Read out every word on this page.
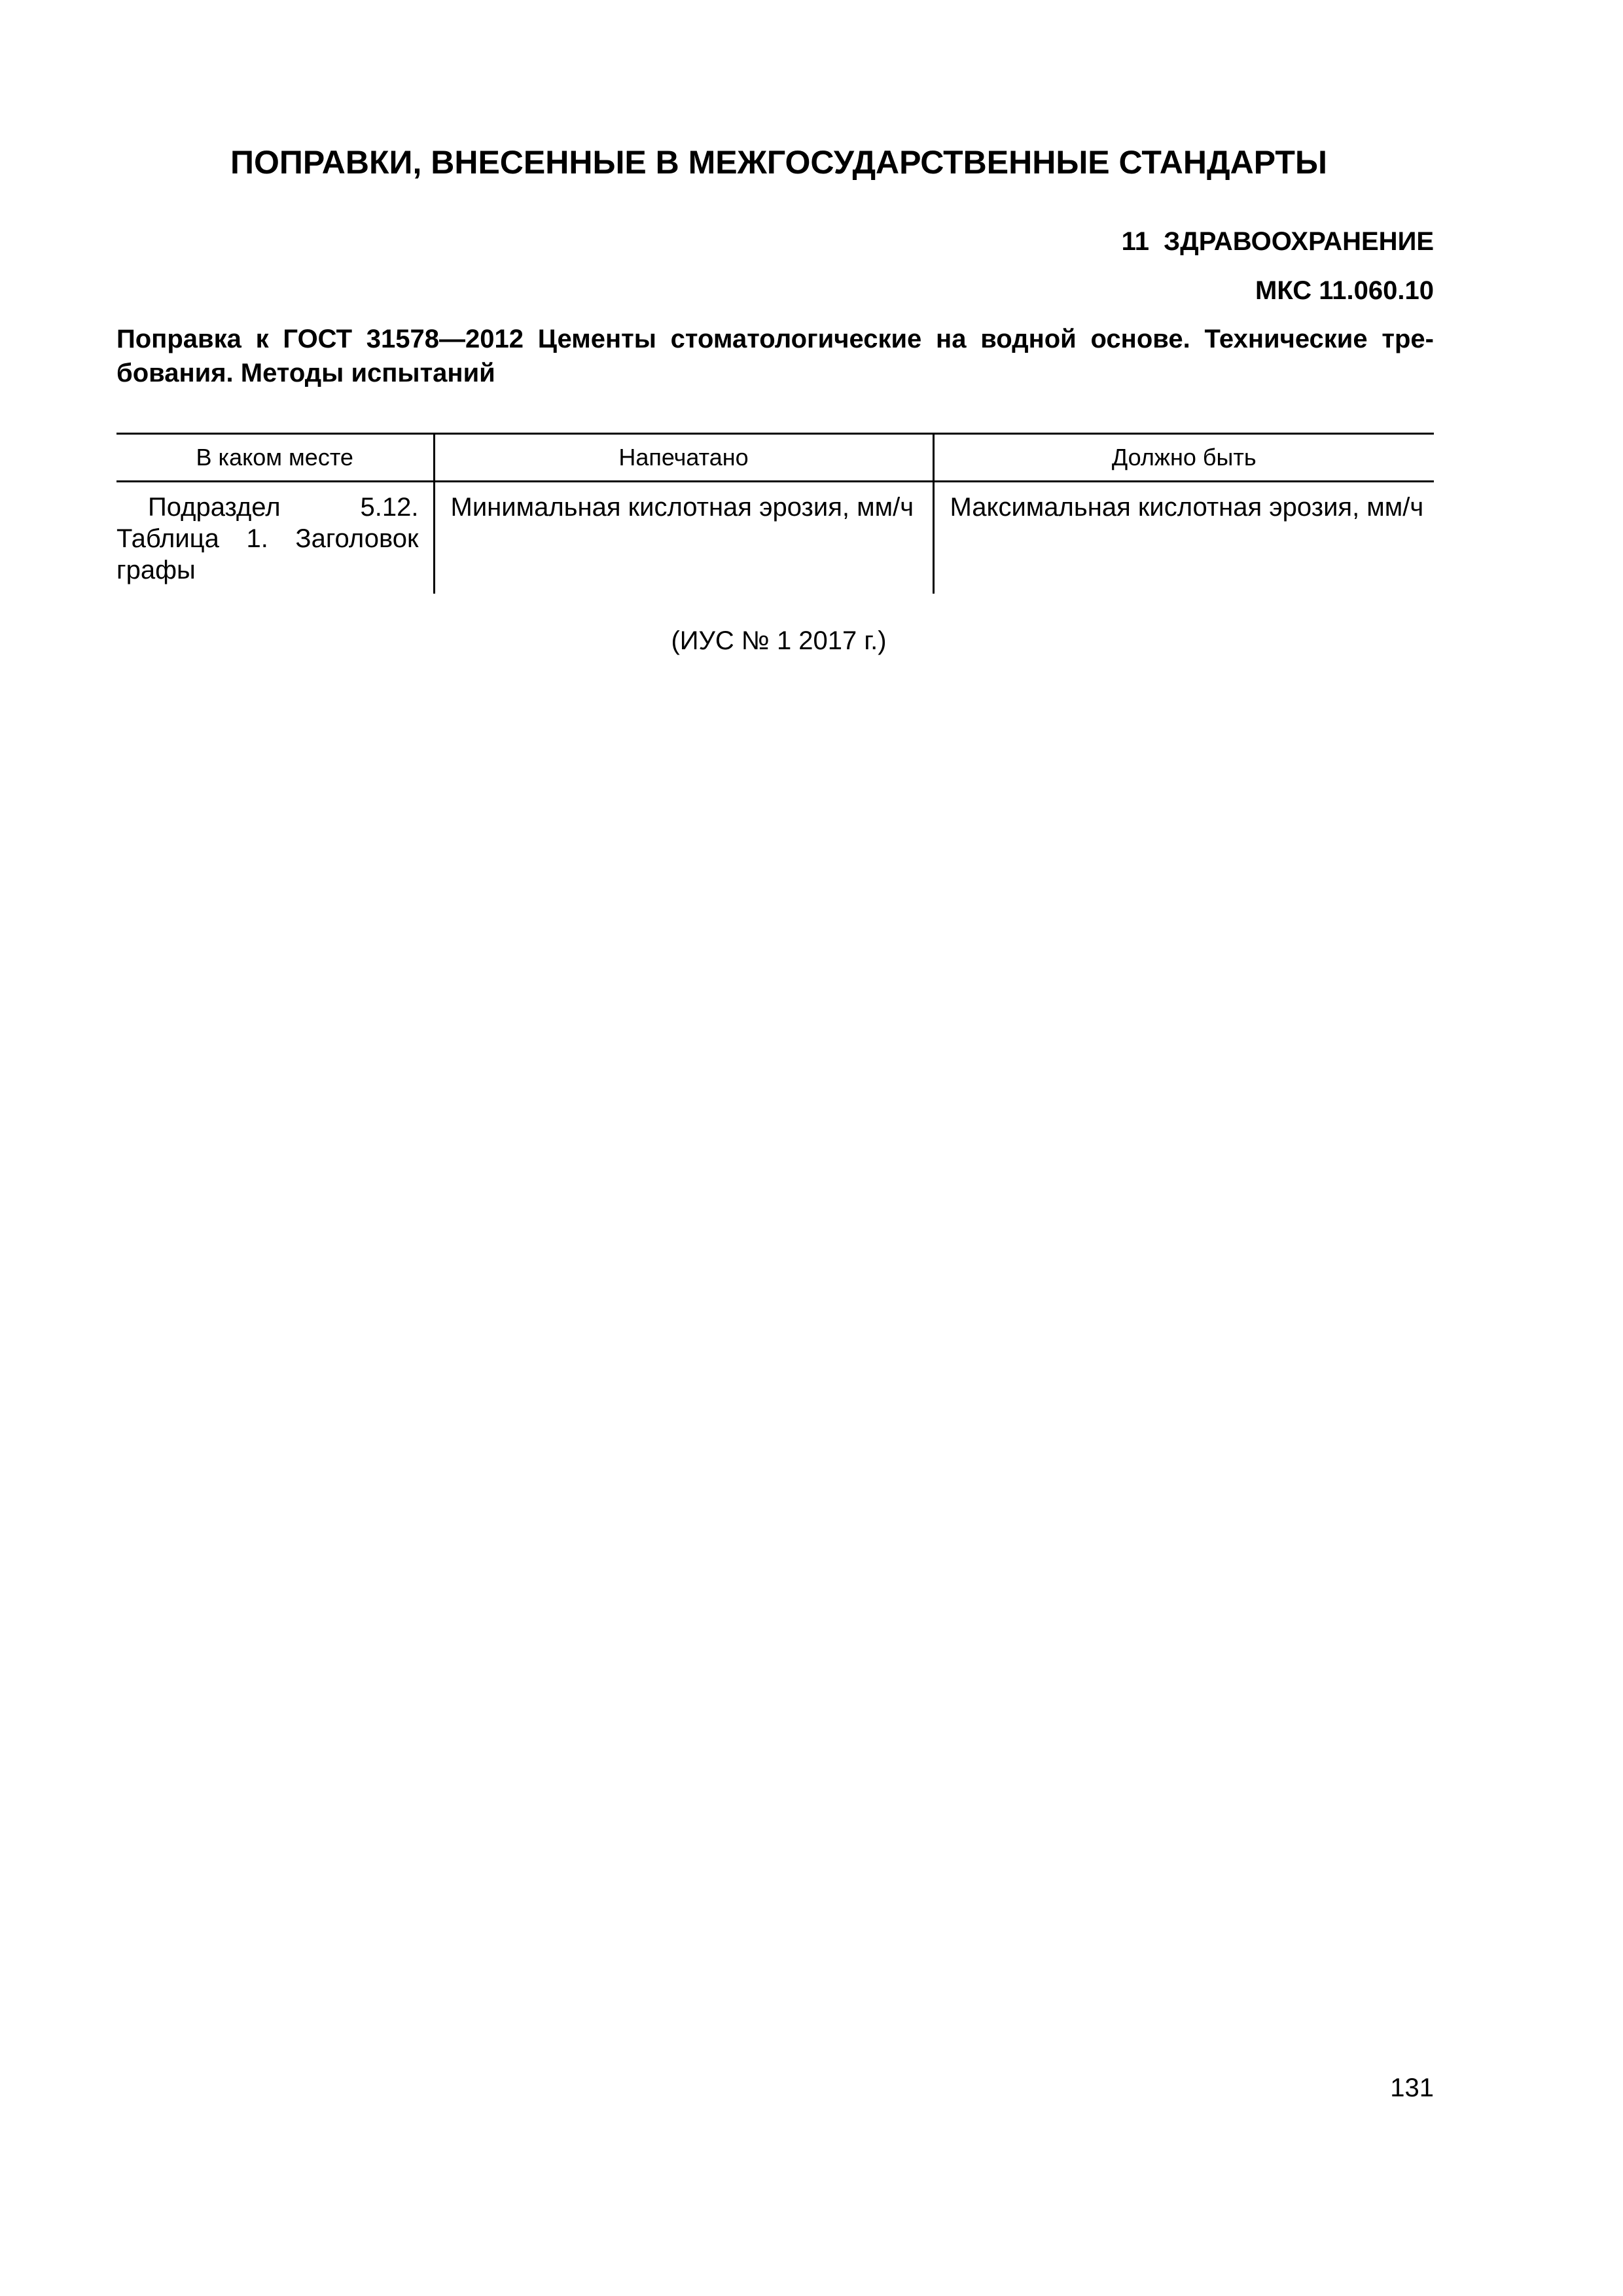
ПОПРАВКИ, ВНЕСЕННЫЕ В МЕЖГОСУДАРСТВЕННЫЕ СТАНДАРТЫ
11  ЗДРАВООХРАНЕНИЕ
МКС 11.060.10

Поправка к ГОСТ 31578—2012 Цементы стоматологические на водной основе. Технические тре-бования. Методы испытаний

В каком месте	Напечатано	Должно быть
Подраздел 5.12. Таблица 1. Заголовок графы	Минимальная кислотная эрозия, мм/ч	Максимальная кислотная эрозия, мм/ч
(ИУС № 1 2017 г.)
131
